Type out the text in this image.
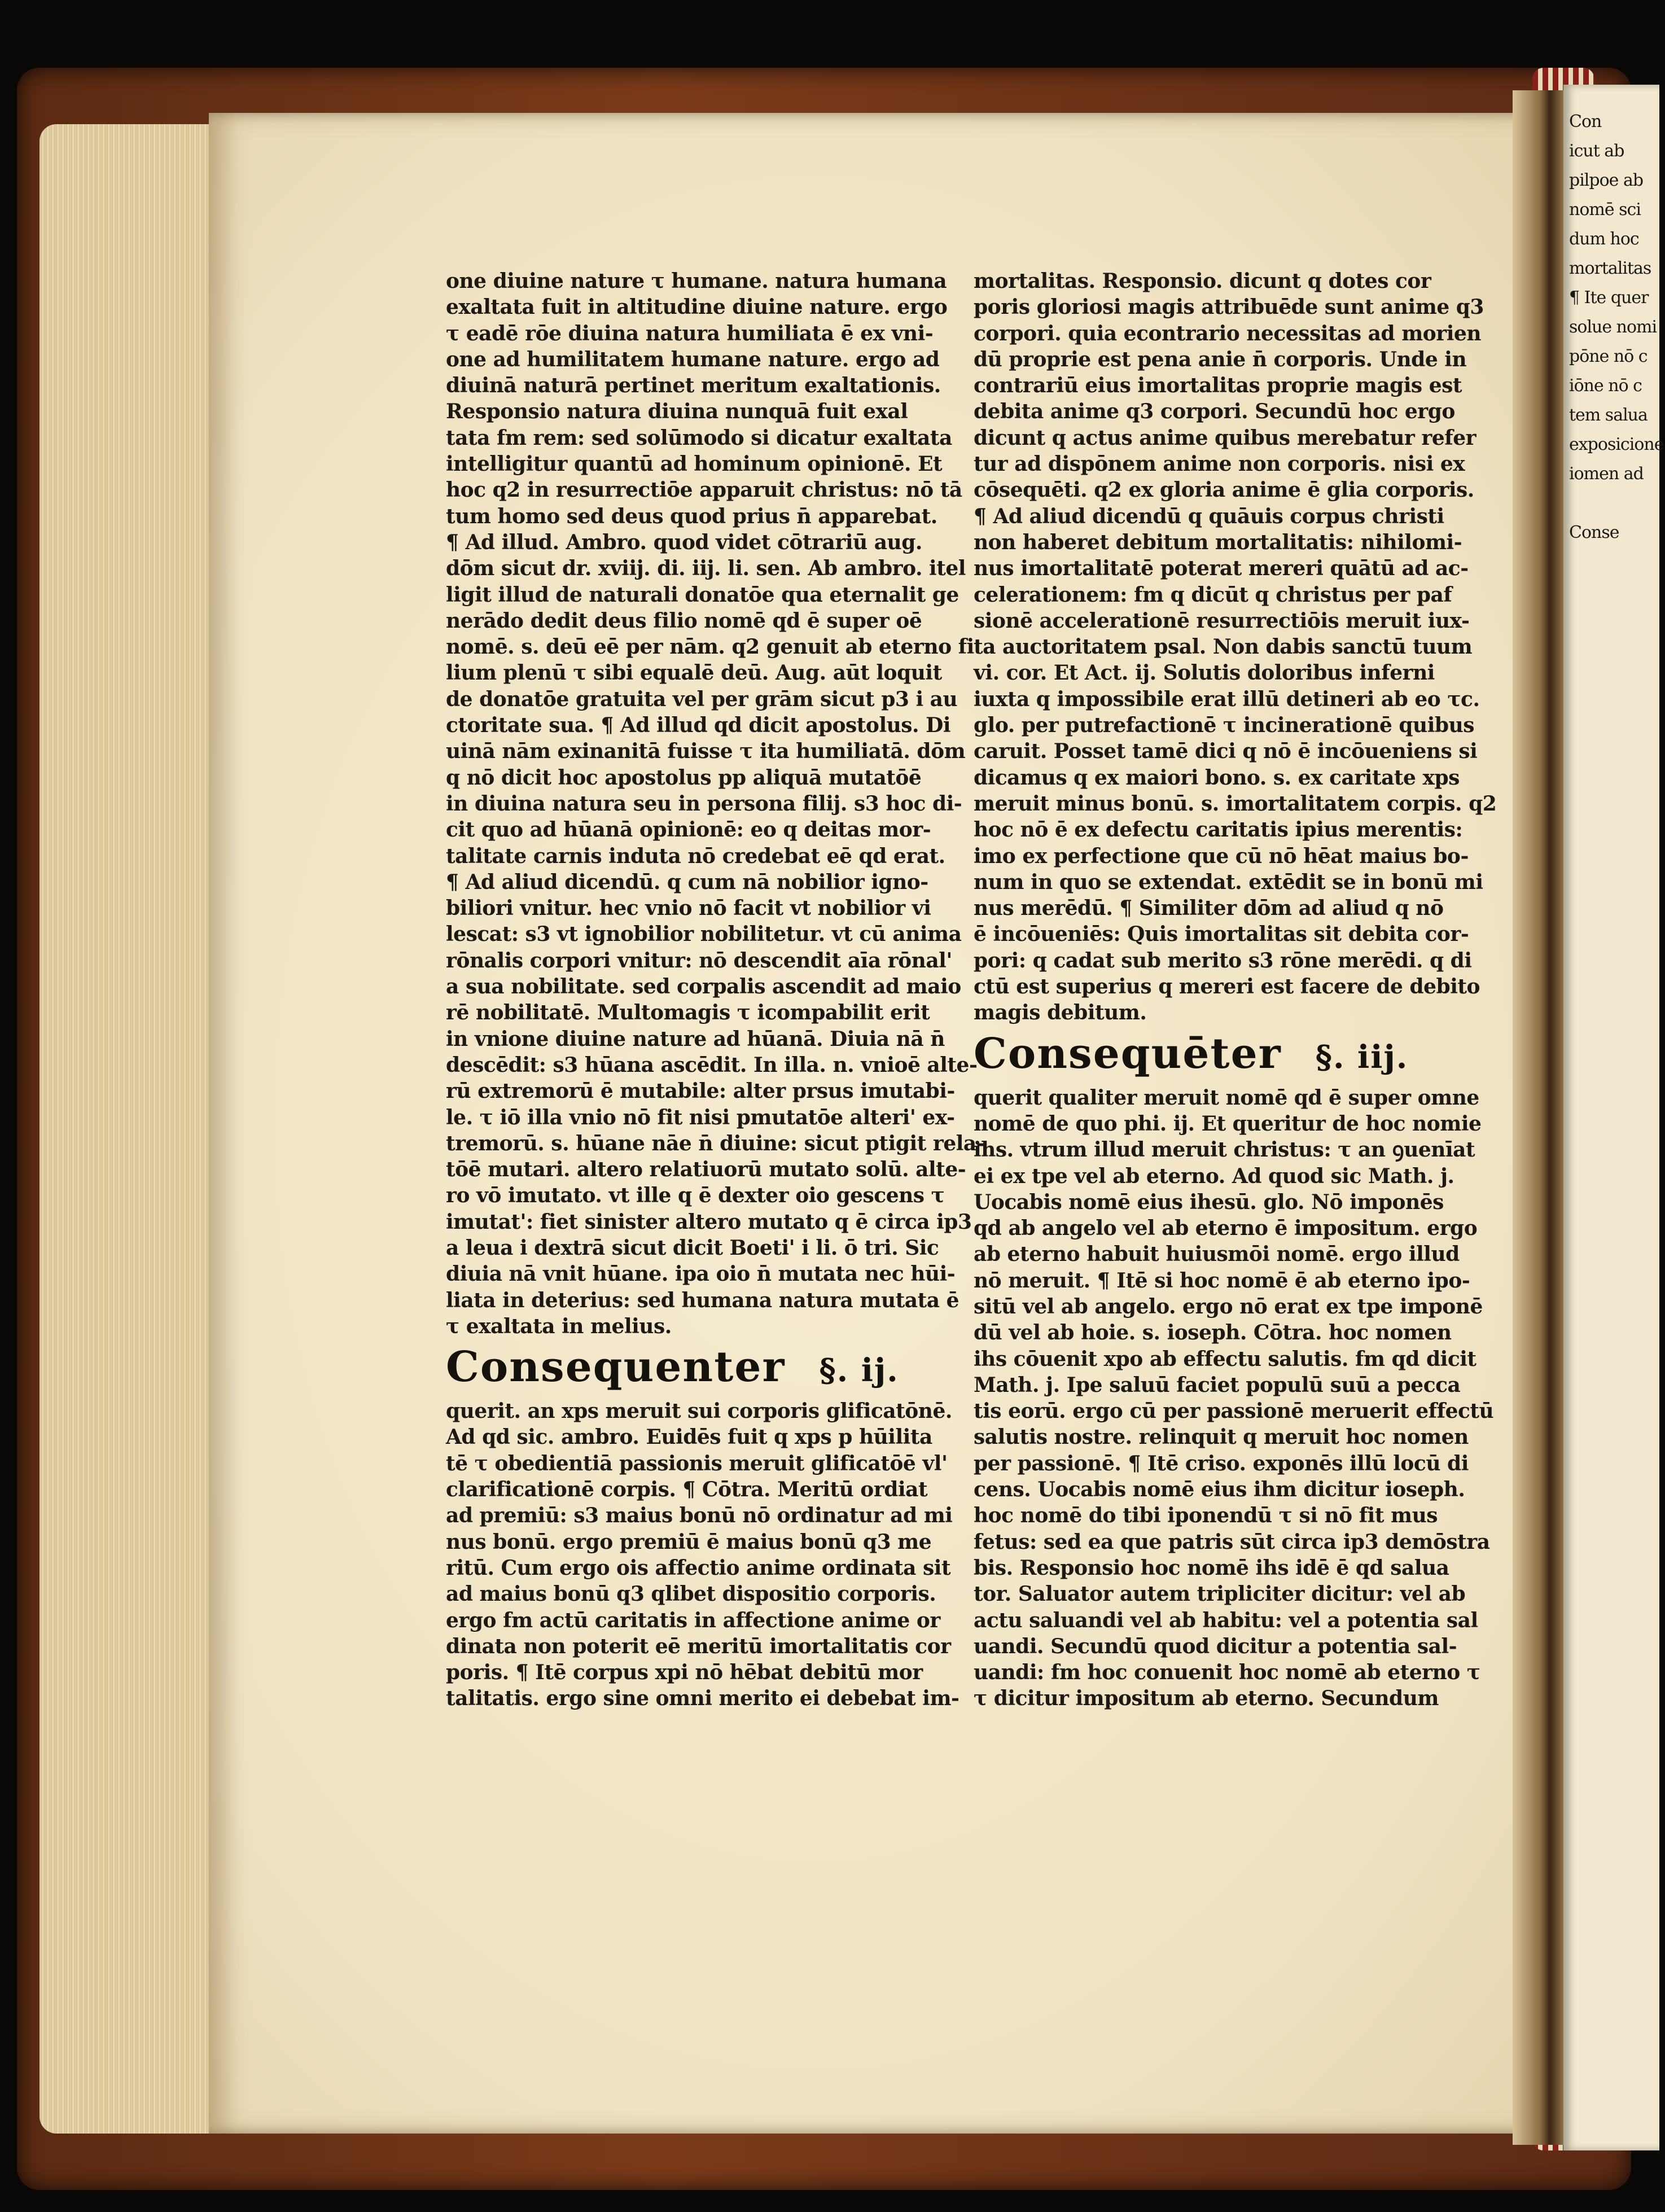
Con
icut ab
pilpoe ab
nomē sci
dum hoc
mortalitas
¶ Ite quer
solue nomi
pōne nō c
iōne nō c
tem salua
exposicione
iomen ad

Conse

one diuine nature τ humane. natura humana
exaltata fuit in altitudine diuine nature. ergo
τ eadē rōe diuina natura humiliata ē ex vni-
one ad humilitatem humane nature. ergo ad
diuinā naturā pertinet meritum exaltationis.
Responsio natura diuina nunquā fuit exal
tata fm rem: sed solūmodo si dicatur exaltata
intelligitur quantū ad hominum opinionē. Et
hoc q2 in resurrectiōe apparuit christus: nō tā
tum homo sed deus quod prius n̄ apparebat.
¶ Ad illud. Ambro. quod videt cōtrariū aug.
dōm sicut dr. xviij. di. iij. li. sen. Ab ambro. itel
ligit illud de naturali donatōe qua eternalit ge
nerādo dedit deus filio nomē qd ē super oē
nomē. s. deū eē per nām. q2 genuit ab eterno fi
lium plenū τ sibi equalē deū. Aug. aūt loquit
de donatōe gratuita vel per grām sicut p3 i au
ctoritate sua. ¶ Ad illud qd dicit apostolus. Di
uinā nām exinanitā fuisse τ ita humiliatā. dōm
q nō dicit hoc apostolus pp aliquā mutatōē
in diuina natura seu in persona filij. s3 hoc di-
cit quo ad hūanā opinionē: eo q deitas mor-
talitate carnis induta nō credebat eē qd erat.
¶ Ad aliud dicendū. q cum nā nobilior igno-
biliori vnitur. hec vnio nō facit vt nobilior vi
lescat: s3 vt ignobilior nobilitetur. vt cū anima
rōnalis corpori vnitur: nō descendit aīa rōnal'
a sua nobilitate. sed corpalis ascendit ad maio
rē nobilitatē. Multomagis τ icompabilit erit
in vnione diuine nature ad hūanā. Diuia nā n̄
descēdit: s3 hūana ascēdit. In illa. n. vnioē alte-
rū extremorū ē mutabile: alter prsus imutabi-
le. τ iō illa vnio nō fit nisi pmutatōe alteri' ex-
tremorū. s. hūane nāe n̄ diuine: sicut ptigit rela-
tōē mutari. altero relatiuorū mutato solū. alte-
ro vō imutato. vt ille q ē dexter oio gescens τ
imutat': fiet sinister altero mutato q ē circa ip3
a leua i dextrā sicut dicit Boeti' i li. ō tri. Sic
diuia nā vnit hūane. ipa oio n̄ mutata nec hūi-
liata in deterius: sed humana natura mutata ē
τ exaltata in melius.
Consequenter §. ij.
querit. an xps meruit sui corporis glificatōnē.
Ad qd sic. ambro. Euidēs fuit q xps p hūilita
tē τ obedientiā passionis meruit glificatōē vl'
clarificationē corpis. ¶ Cōtra. Meritū ordiat
ad premiū: s3 maius bonū nō ordinatur ad mi
nus bonū. ergo premiū ē maius bonū q3 me
ritū. Cum ergo ois affectio anime ordinata sit
ad maius bonū q3 qlibet dispositio corporis.
ergo fm actū caritatis in affectione anime or
dinata non poterit eē meritū imortalitatis cor
poris. ¶ Itē corpus xpi nō hēbat debitū mor
talitatis. ergo sine omni merito ei debebat im-
mortalitas. Responsio. dicunt q dotes cor
poris gloriosi magis attribuēde sunt anime q3
corpori. quia econtrario necessitas ad morien
dū proprie est pena anie n̄ corporis. Unde in
contrariū eius imortalitas proprie magis est
debita anime q3 corpori. Secundū hoc ergo
dicunt q actus anime quibus merebatur refer
tur ad dispōnem anime non corporis. nisi ex
cōsequēti. q2 ex gloria anime ē glia corporis.
¶ Ad aliud dicendū q quāuis corpus christi
non haberet debitum mortalitatis: nihilomi-
nus imortalitatē poterat mereri quātū ad ac-
celerationem: fm q dicūt q christus per paf
sionē accelerationē resurrectiōis meruit iux-
ta auctoritatem psal. Non dabis sanctū tuum
vi. cor. Et Act. ij. Solutis doloribus inferni
iuxta q impossibile erat illū detineri ab eo τc.
glo. per putrefactionē τ incinerationē quibus
caruit. Posset tamē dici q nō ē incōueniens si
dicamus q ex maiori bono. s. ex caritate xps
meruit minus bonū. s. imortalitatem corpis. q2
hoc nō ē ex defectu caritatis ipius merentis:
imo ex perfectione que cū nō hēat maius bo-
num in quo se extendat. extēdit se in bonū mi
nus merēdū. ¶ Similiter dōm ad aliud q nō
ē incōueniēs: Quis imortalitas sit debita cor-
pori: q cadat sub merito s3 rōne merēdi. q di
ctū est superius q mereri est facere de debito
magis debitum.
Consequēter §. iij.
querit qualiter meruit nomē qd ē super omne
nomē de quo phi. ij. Et queritur de hoc nomie
ihs. vtrum illud meruit christus: τ an ꝯuenīat
ei ex tpe vel ab eterno. Ad quod sic Math. j.
Uocabis nomē eius ihesū. glo. Nō imponēs
qd ab angelo vel ab eterno ē impositum. ergo
ab eterno habuit huiusmōi nomē. ergo illud
nō meruit. ¶ Itē si hoc nomē ē ab eterno ipo-
sitū vel ab angelo. ergo nō erat ex tpe imponē
dū vel ab hoie. s. ioseph. Cōtra. hoc nomen
ihs cōuenit xpo ab effectu salutis. fm qd dicit
Math. j. Ipe saluū faciet populū suū a pecca
tis eorū. ergo cū per passionē meruerit effectū
salutis nostre. relinquit q meruit hoc nomen
per passionē. ¶ Itē criso. exponēs illū locū di
cens. Uocabis nomē eius ihm dicitur ioseph.
hoc nomē do tibi iponendū τ si nō fit mus
fetus: sed ea que patris sūt circa ip3 demōstra
bis. Responsio hoc nomē ihs idē ē qd salua
tor. Saluator autem tripliciter dicitur: vel ab
actu saluandi vel ab habitu: vel a potentia sal
uandi. Secundū quod dicitur a potentia sal-
uandi: fm hoc conuenit hoc nomē ab eterno τ
τ dicitur impositum ab eterno. Secundum
